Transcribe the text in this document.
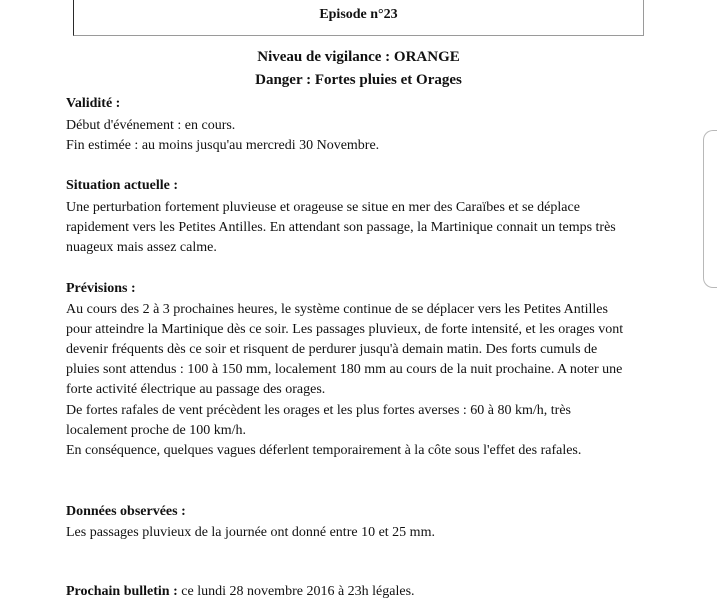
Episode n°23
Niveau de vigilance : ORANGE
Danger : Fortes pluies et Orages
Validité :
Début d'événement : en cours.
Fin estimée : au moins jusqu'au mercredi 30 Novembre.
Situation actuelle :
Une perturbation fortement pluvieuse et orageuse se situe en mer des Caraïbes et se déplace
rapidement vers les Petites Antilles. En attendant son passage, la Martinique connait un temps très
nuageux mais assez calme.
Prévisions :
Au cours des 2 à 3 prochaines heures, le système continue de se déplacer vers les Petites Antilles
pour atteindre la Martinique dès ce soir. Les passages pluvieux, de forte intensité, et les orages vont
devenir fréquents dès ce soir et risquent de perdurer jusqu'à demain matin. Des forts cumuls de
pluies sont attendus : 100 à 150 mm, localement 180 mm au cours de la nuit prochaine. A noter une
forte activité électrique au passage des orages.
De fortes rafales de vent précèdent les orages et les plus fortes averses : 60 à 80 km/h, très
localement proche de 100 km/h.
En conséquence, quelques vagues déferlent temporairement à la côte sous l'effet des rafales.
Données observées :
Les passages pluvieux de la journée ont donné entre 10 et 25 mm.
Prochain bulletin : ce lundi 28 novembre 2016 à 23h légales.
